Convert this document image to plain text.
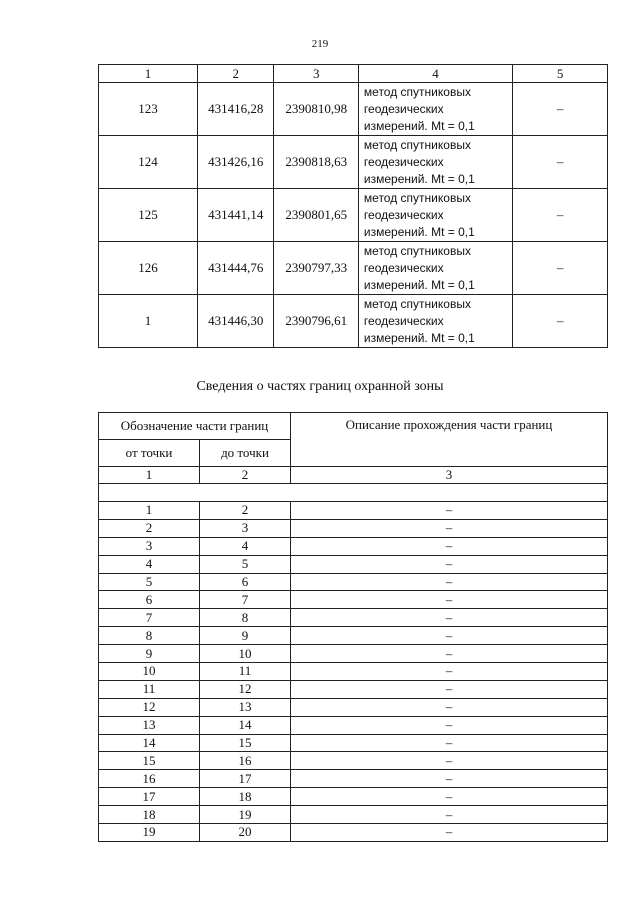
219
1	2	3	4	5
123	431416,28	2390810,98	метод спутниковых
геодезических
измерений. Mt = 0,1	–
124	431426,16	2390818,63	метод спутниковых
геодезических
измерений. Mt = 0,1	–
125	431441,14	2390801,65	метод спутниковых
геодезических
измерений. Mt = 0,1	–
126	431444,76	2390797,33	метод спутниковых
геодезических
измерений. Mt = 0,1	–
1	431446,30	2390796,61	метод спутниковых
геодезических
измерений. Mt = 0,1	–
Сведения о частях границ охранной зоны
Обозначение части границ		Описание прохождения части границ
от точки	до точки	
1	2	3

1	2	–
2	3	–
3	4	–
4	5	–
5	6	–
6	7	–
7	8	–
8	9	–
9	10	–
10	11	–
11	12	–
12	13	–
13	14	–
14	15	–
15	16	–
16	17	–
17	18	–
18	19	–
19	20	–
